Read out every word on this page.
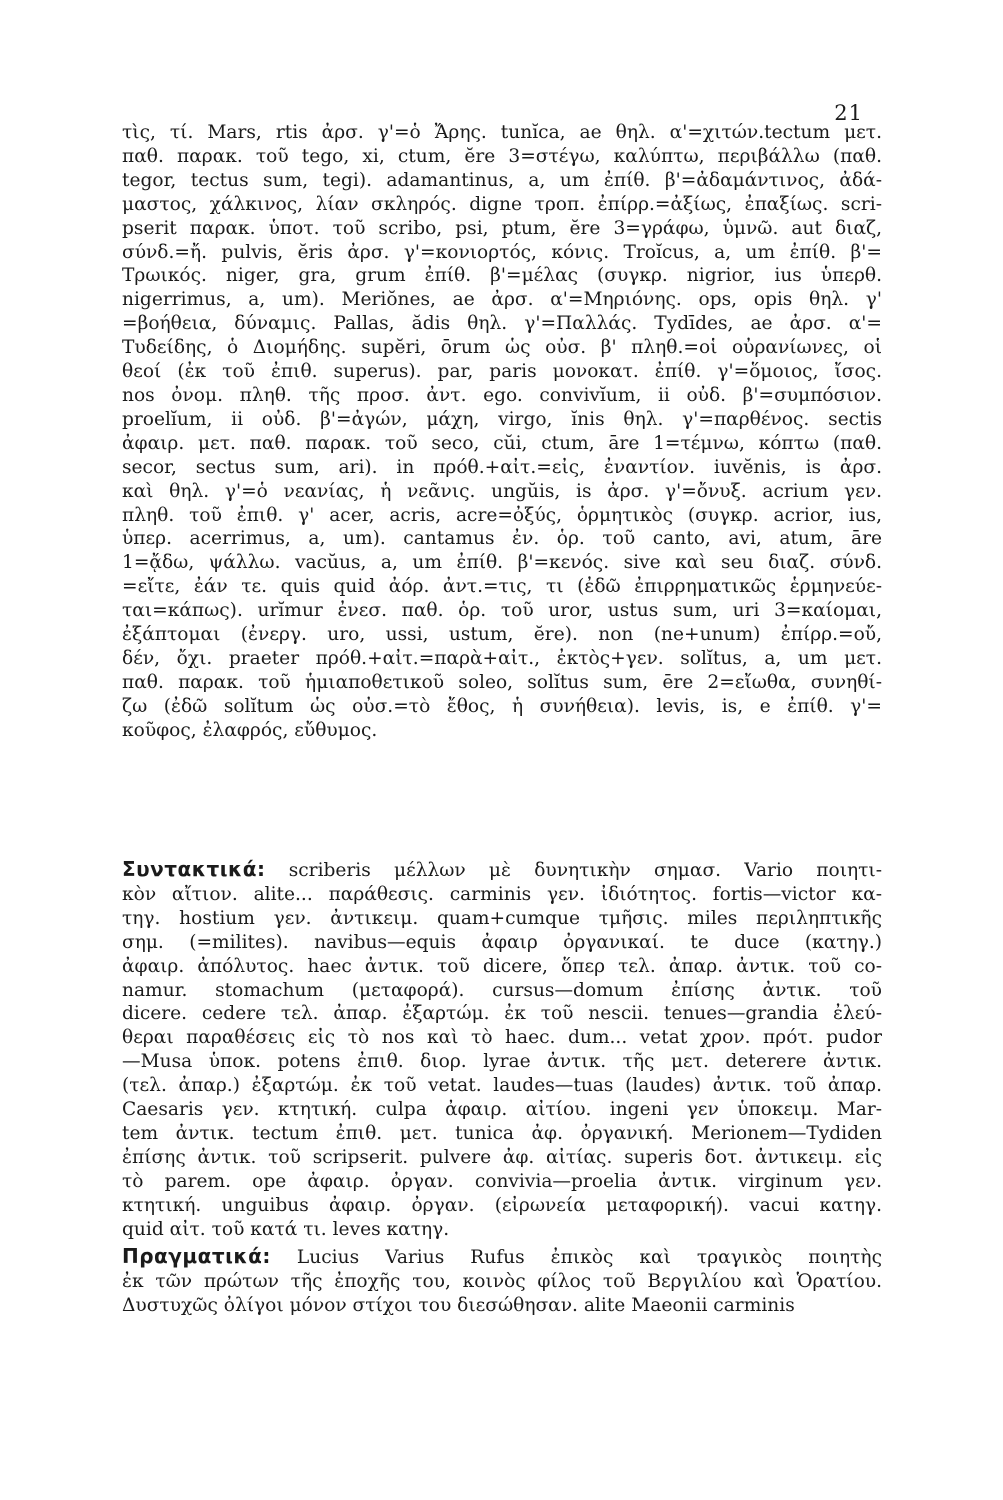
21
τὶς, τί. Mars, rtis ἀρσ. γ'=ὁ Ἄρης. tunĭca, ae θηλ. α'=χιτών.tectum μετ.
παθ. παρακ. τοῦ tego, xi, ctum, ĕre 3=στέγω, καλύπτω, περιβάλλω (παθ.
tegor, tectus sum, tegi). adamantinus, a, um ἐπίθ. β'=ἀδαμάντινος, ἀδά-
μαστος, χάλκινος, λίαν σκληρός. digne τροπ. ἐπίρρ.=ἀξίως, ἐπαξίως. scri-
pserit παρακ. ὑποτ. τοῦ scribo, psi, ptum, ĕre 3=γράφω, ὑμνῶ. aut διαζ,
σύνδ.=ἤ. pulvis, ĕris ἀρσ. γ'=κονιορτός, κόνις. Troĭcus, a, um ἐπίθ. β'=
Τρωικός. niger, gra, grum ἐπίθ. β'=μέλας (συγκρ. nigrior, ius ὑπερθ.
nigerrimus, a, um). Meriŏnes, ae ἀρσ. α'=Μηριόνης. ops, opis θηλ. γ'
=βοήθεια, δύναμις. Pallas, ădis θηλ. γ'=Παλλάς. Tydīdes, ae ἀρσ. α'=
Τυδείδης, ὁ Διομήδης. supĕri, ōrum ὡς οὐσ. β' πληθ.=οἱ οὐρανίωνες, οἱ
θεοί (ἐκ τοῦ ἐπιθ. superus). par, paris μονοκατ. ἐπίθ. γ'=ὅμοιος, ἴσος.
nos ὀνομ. πληθ. τῆς προσ. ἀντ. ego. convivĭum, ii οὐδ. β'=συμπόσιον.
proelĭum, ii οὐδ. β'=ἀγών, μάχη, virgo, ĭnis θηλ. γ'=παρθένος. sectis
ἀφαιρ. μετ. παθ. παρακ. τοῦ seco, cŭi, ctum, āre 1=τέμνω, κόπτω (παθ.
secor, sectus sum, ari). in πρόθ.+αἰτ.=εἰς, ἐναντίον. iuvĕnis, is ἀρσ.
καὶ θηλ. γ'=ὁ νεανίας, ἡ νεᾶνις. ungŭis, is ἀρσ. γ'=ὄνυξ. acrium γεν.
πληθ. τοῦ ἐπιθ. γ' acer, acris, acre=ὀξύς, ὁρμητικὸς (συγκρ. acrior, ius,
ὑπερ. acerrimus, a, um). cantamus ἐν. ὁρ. τοῦ canto, avi, atum, āre
1=ᾄδω, ψάλλω. vacŭus, a, um ἐπίθ. β'=κενός. sive καὶ seu διαζ. σύνδ.
=εἴτε, ἐάν τε. quis quid ἀόρ. ἀντ.=τις, τι (ἐδῶ ἐπιρρηματικῶς ἑρμηνεύε-
ται=κάπως). urĭmur ἐνεσ. παθ. ὁρ. τοῦ uror, ustus sum, uri 3=καίομαι,
ἐξάπτομαι (ἐνεργ. uro, ussi, ustum, ĕre). non (ne+unum) ἐπίρρ.=οὔ,
δέν, ὄχι. praeter πρόθ.+αἰτ.=παρὰ+αἰτ., ἐκτὸς+γεν. solĭtus, a, um μετ.
παθ. παρακ. τοῦ ἡμιαποθετικοῦ soleo, solĭtus sum, ēre 2=εἴωθα, συνηθί-
ζω (ἐδῶ solĭtum ὡς οὐσ.=τὸ ἔθος, ἡ συνήθεια). levis, is, e ἐπίθ. γ'=
κοῦφος, ἐλαφρός, εὔθυμος.
Συντακτικά: scriberis μέλλων μὲ δυνητικὴν σημασ. Vario ποιητι-
κὸν αἴτιον. alite... παράθεσις. carminis γεν. ἰδιότητος. fortis—victor κα-
τηγ. hostium γεν. ἀντικειμ. quam+cumque τμῆσις. miles περιληπτικῆς
σημ. (=milites). navibus—equis ἀφαιρ ὀργανικαί. te duce (κατηγ.)
ἀφαιρ. ἀπόλυτος. haec ἀντικ. τοῦ dicere, ὅπερ τελ. ἀπαρ. ἀντικ. τοῦ co-
namur. stomachum (μεταφορά). cursus—domum ἐπίσης ἀντικ. τοῦ
dicere. cedere τελ. ἀπαρ. ἐξαρτώμ. ἐκ τοῦ nescii. tenues—grandia ἐλεύ-
θεραι παραθέσεις εἰς τὸ nos καὶ τὸ haec. dum... vetat χρον. πρότ. pudor
—Musa ὑποκ. potens ἐπιθ. διορ. lyrae ἀντικ. τῆς μετ. deterere ἀντικ.
(τελ. ἀπαρ.) ἐξαρτώμ. ἐκ τοῦ vetat. laudes—tuas (laudes) ἀντικ. τοῦ ἀπαρ.
Caesaris γεν. κτητική. culpa ἀφαιρ. αἰτίου. ingeni γεν ὑποκειμ. Mar-
tem ἀντικ. tectum ἐπιθ. μετ. tunica ἀφ. ὀργανική. Merionem—Tydiden
ἐπίσης ἀντικ. τοῦ scripserit. pulvere ἀφ. αἰτίας. superis δοτ. ἀντικειμ. εἰς
τὸ parem. ope ἀφαιρ. ὀργαν. convivia—proelia ἀντικ. virginum γεν.
κτητική. unguibus ἀφαιρ. ὀργαν. (εἰρωνεία μεταφορική). vacui κατηγ.
quid αἰτ. τοῦ κατά τι. leves κατηγ.
Πραγματικά: Lucius Varius Rufus ἐπικὸς καὶ τραγικὸς ποιητὴς
ἐκ τῶν πρώτων τῆς ἐποχῆς του, κοινὸς φίλος τοῦ Βεργιλίου καὶ Ὁρατίου.
Δυστυχῶς ὀλίγοι μόνον στίχοι του διεσώθησαν. alite Maeonii carminis
